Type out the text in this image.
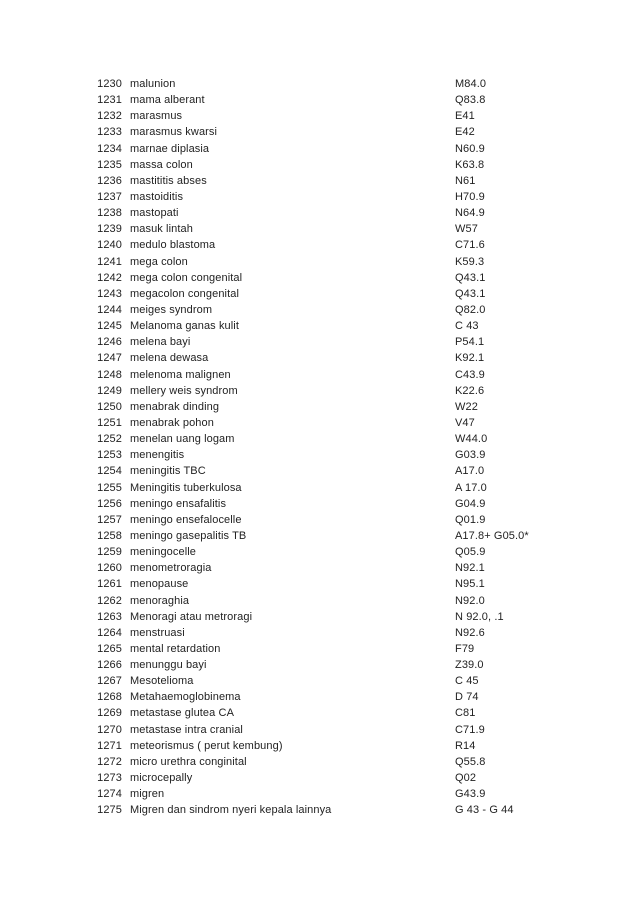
1230 malunion	M84.0
1231 mama alberant	Q83.8
1232 marasmus	E41
1233 marasmus kwarsi	E42
1234 marnae diplasia	N60.9
1235 massa colon	K63.8
1236 mastititis abses	N61
1237 mastoiditis	H70.9
1238 mastopati	N64.9
1239 masuk lintah	W57
1240 medulo blastoma	C71.6
1241 mega colon	K59.3
1242 mega colon congenital	Q43.1
1243 megacolon congenital	Q43.1
1244 meiges syndrom	Q82.0
1245 Melanoma ganas kulit	C 43
1246 melena bayi	P54.1
1247 melena dewasa	K92.1
1248 melenoma malignen	C43.9
1249 mellery weis syndrom	K22.6
1250 menabrak dinding	W22
1251 menabrak pohon	V47
1252 menelan uang logam	W44.0
1253 menengitis	G03.9
1254 meningitis TBC	A17.0
1255 Meningitis tuberkulosa	A 17.0
1256 meningo ensafalitis	G04.9
1257 meningo ensefalocelle	Q01.9
1258 meningo gasepalitis TB	A17.8+ G05.0*
1259 meningocelle	Q05.9
1260 menometroragia	N92.1
1261 menopause	N95.1
1262 menoraghia	N92.0
1263 Menoragi atau metroragi	N 92.0, .1
1264 menstruasi	N92.6
1265 mental retardation	F79
1266 menunggu bayi	Z39.0
1267 Mesotelioma	C 45
1268 Metahaemoglobinema	D 74
1269 metastase glutea CA	C81
1270 metastase intra cranial	C71.9
1271 meteorismus ( perut kembung)	R14
1272 micro urethra conginital	Q55.8
1273 microcepally	Q02
1274 migren	G43.9
1275 Migren dan sindrom nyeri kepala lainnya	G 43 - G 44
